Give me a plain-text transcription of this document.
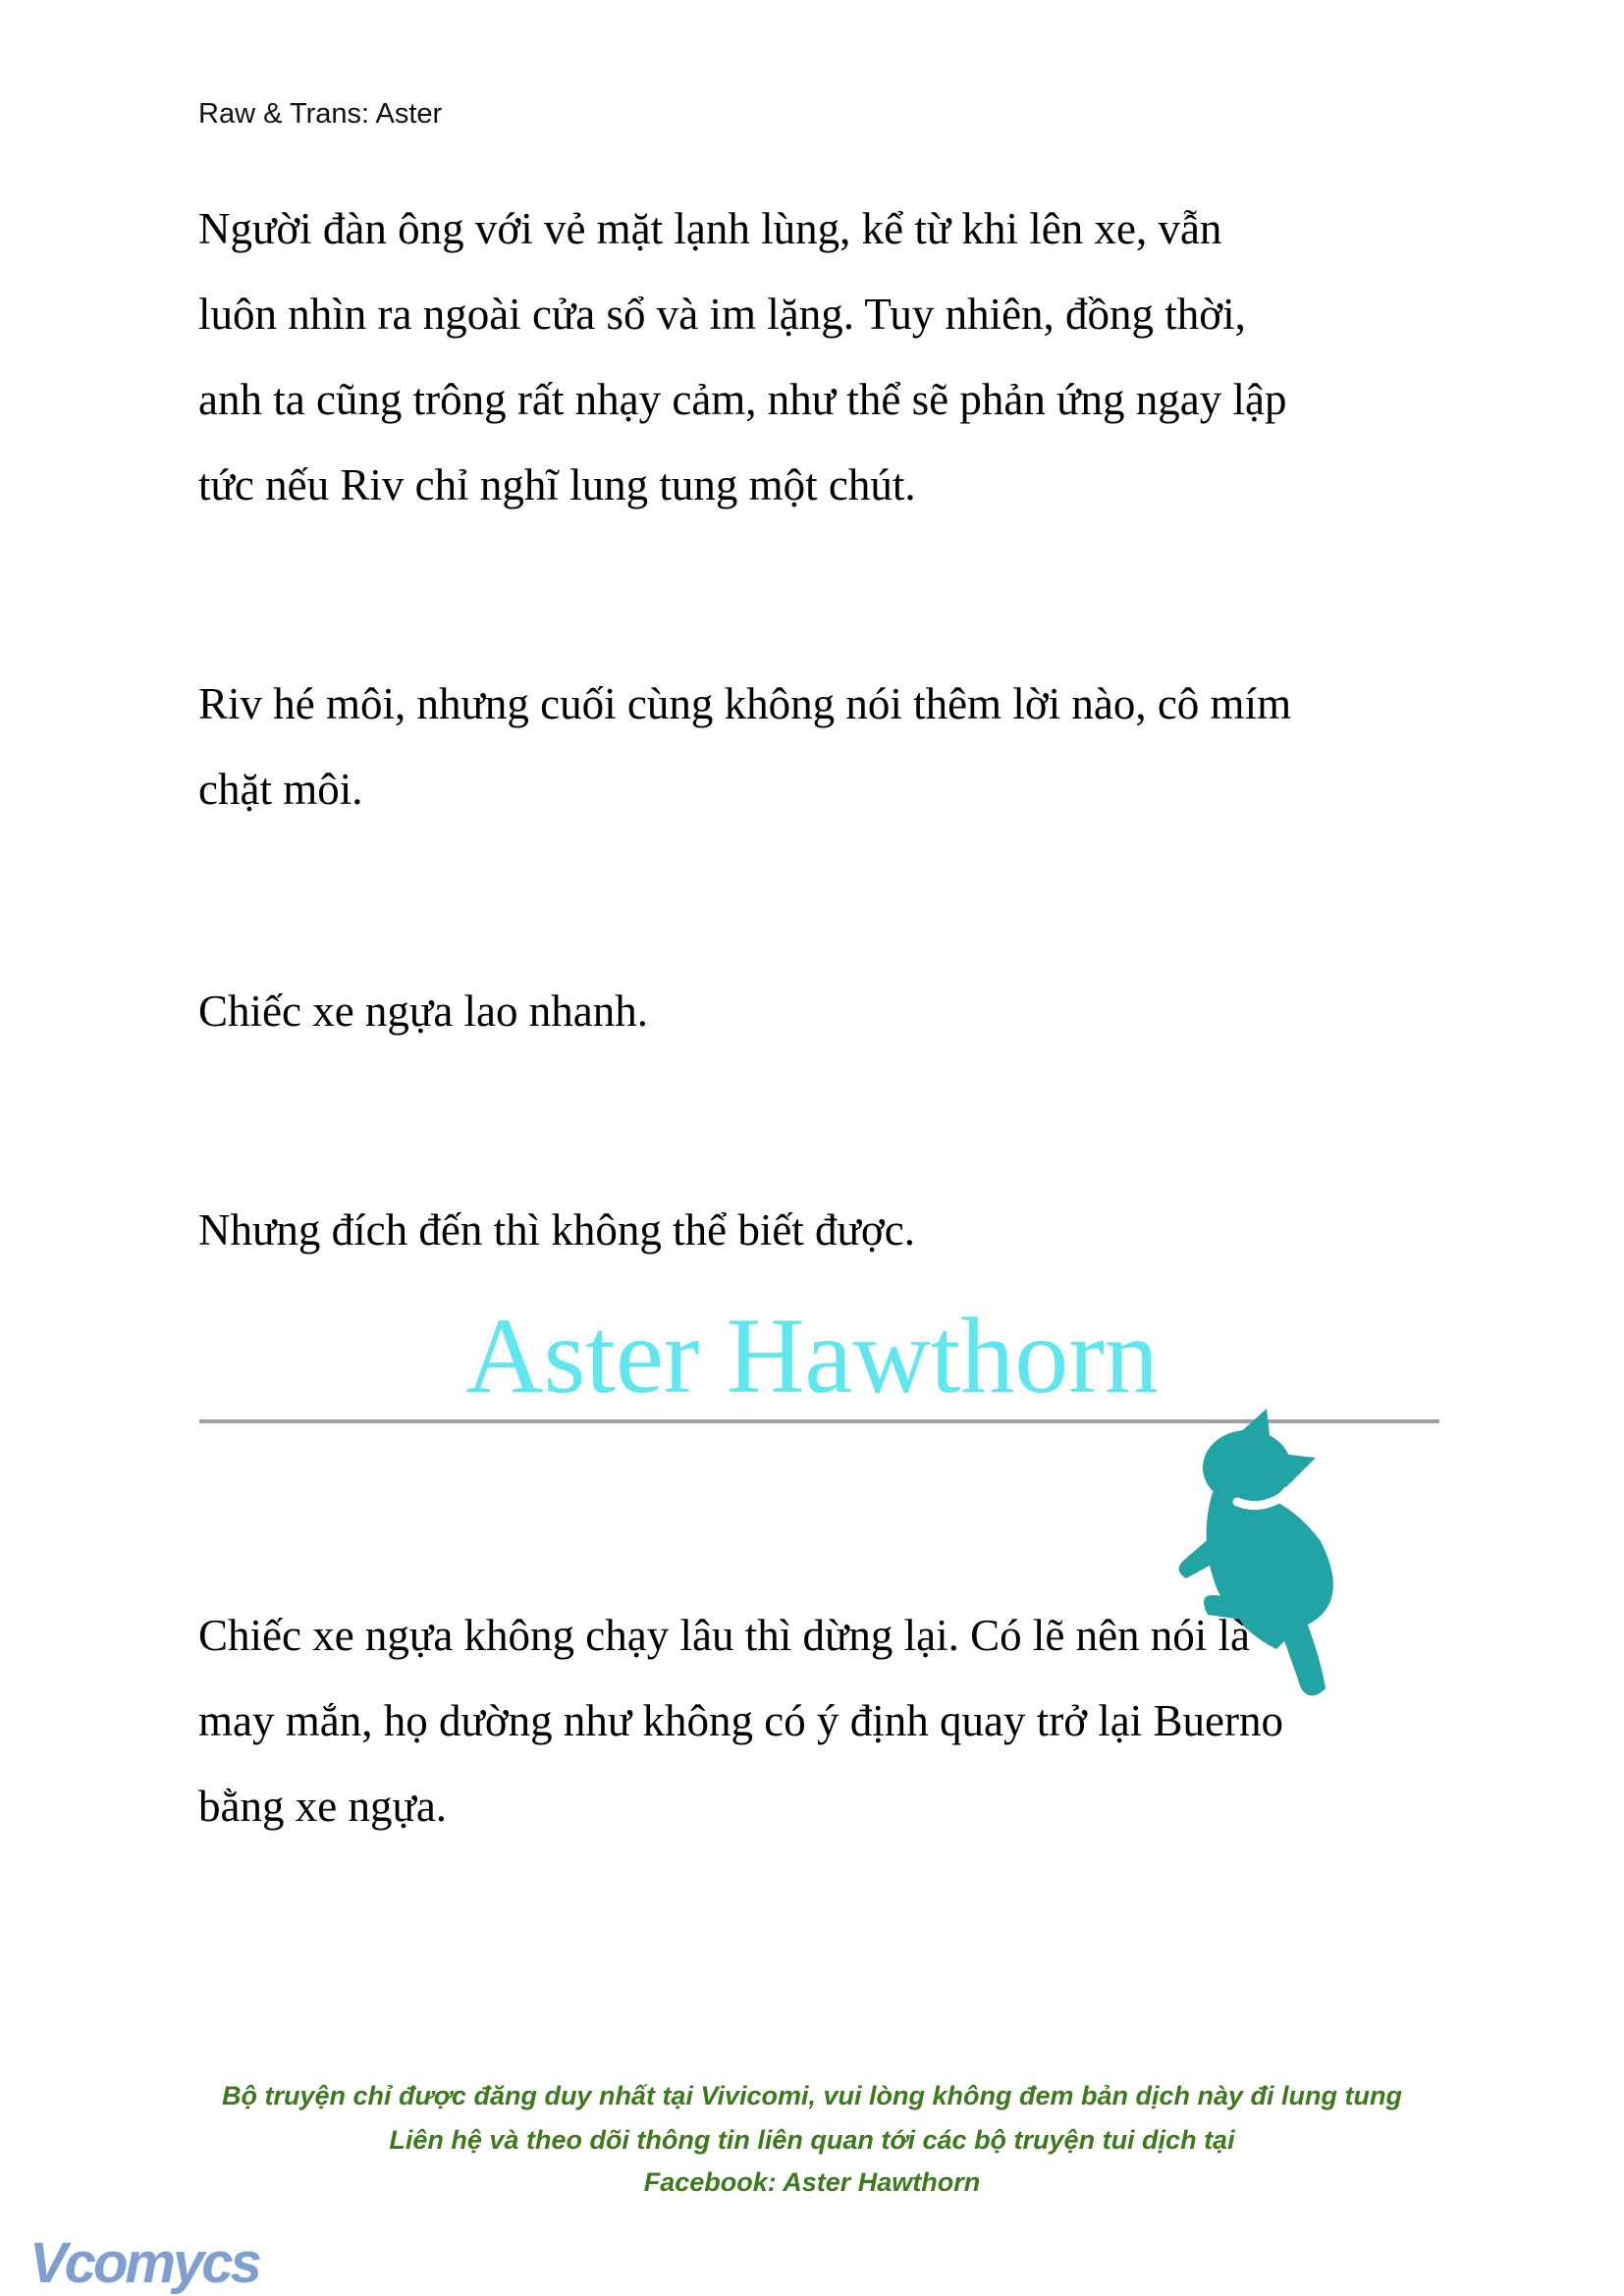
Raw & Trans: Aster
Người đàn ông với vẻ mặt lạnh lùng, kể từ khi lên xe, vẫn
luôn nhìn ra ngoài cửa sổ và im lặng. Tuy nhiên, đồng thời,
anh ta cũng trông rất nhạy cảm, như thể sẽ phản ứng ngay lập
tức nếu Riv chỉ nghĩ lung tung một chút.
Riv hé môi, nhưng cuối cùng không nói thêm lời nào, cô mím
chặt môi.
Chiếc xe ngựa lao nhanh.
Nhưng đích đến thì không thể biết được.
Aster Hawthorn
Chiếc xe ngựa không chạy lâu thì dừng lại. Có lẽ nên nói là
may mắn, họ dường như không có ý định quay trở lại Buerno
bằng xe ngựa.
Bộ truyện chỉ được đăng duy nhất tại Vivicomi, vui lòng không đem bản dịch này đi lung tung
Liên hệ và theo dõi thông tin liên quan tới các bộ truyện tui dịch tại
Facebook: Aster Hawthorn
Vcomycs
